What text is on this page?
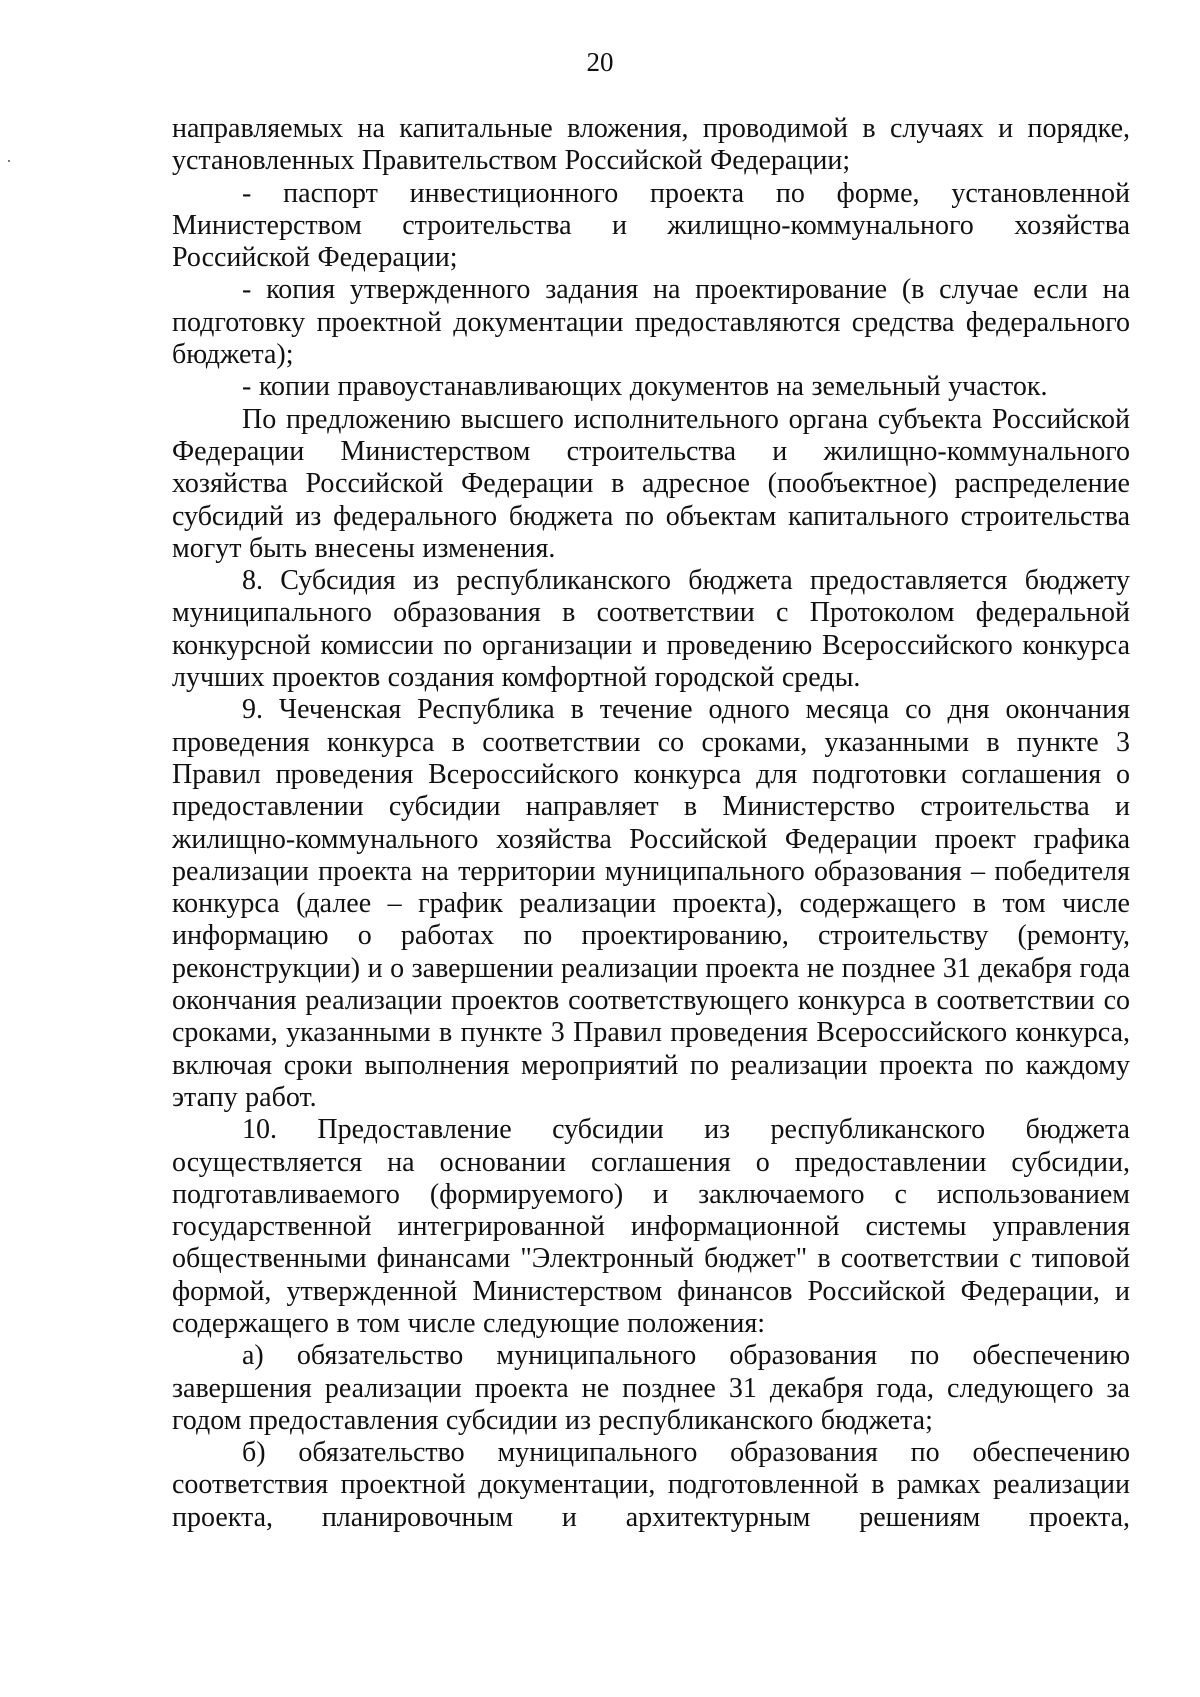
20

направляемых на капитальные вложения, проводимой в случаях и порядке, установленных Правительством Российской Федерации;

- паспорт инвестиционного проекта по форме, установленной Министерством строительства и жилищно-коммунального хозяйства Российской Федерации;

- копия утвержденного задания на проектирование (в случае если на подготовку проектной документации предоставляются средства федерального бюджета);

- копии правоустанавливающих документов на земельный участок.

По предложению высшего исполнительного органа субъекта Российской Федерации Министерством строительства и жилищно-коммунального хозяйства Российской Федерации в адресное (пообъектное) распределение субсидий из федерального бюджета по объектам капитального строительства могут быть внесены изменения.

8. Субсидия из республиканского бюджета предоставляется бюджету муниципального образования в соответствии с Протоколом федеральной конкурсной комиссии по организации и проведению Всероссийского конкурса лучших проектов создания комфортной городской среды.

9. Чеченская Республика в течение одного месяца со дня окончания проведения конкурса в соответствии со сроками, указанными в пункте 3 Правил проведения Всероссийского конкурса для подготовки соглашения о предоставлении субсидии направляет в Министерство строительства и жилищно-коммунального хозяйства Российской Федерации проект графика реализации проекта на территории муниципального образования – победителя конкурса (далее – график реализации проекта), содержащего в том числе информацию о работах по проектированию, строительству (ремонту, реконструкции) и о завершении реализации проекта не позднее 31 декабря года окончания реализации проектов соответствующего конкурса в соответствии со сроками, указанными в пункте 3 Правил проведения Всероссийского конкурса, включая сроки выполнения мероприятий по реализации проекта по каждому этапу работ.

10. Предоставление субсидии из республиканского бюджета осуществляется на основании соглашения о предоставлении субсидии, подготавливаемого (формируемого) и заключаемого с использованием государственной интегрированной информационной системы управления общественными финансами "Электронный бюджет" в соответствии с типовой формой, утвержденной Министерством финансов Российской Федерации, и содержащего в том числе следующие положения:

а) обязательство муниципального образования по обеспечению завершения реализации проекта не позднее 31 декабря года, следующего за годом предоставления субсидии из республиканского бюджета;

б) обязательство муниципального образования по обеспечению соответствия проектной документации, подготовленной в рамках реализации проекта, планировочным и архитектурным решениям проекта,
